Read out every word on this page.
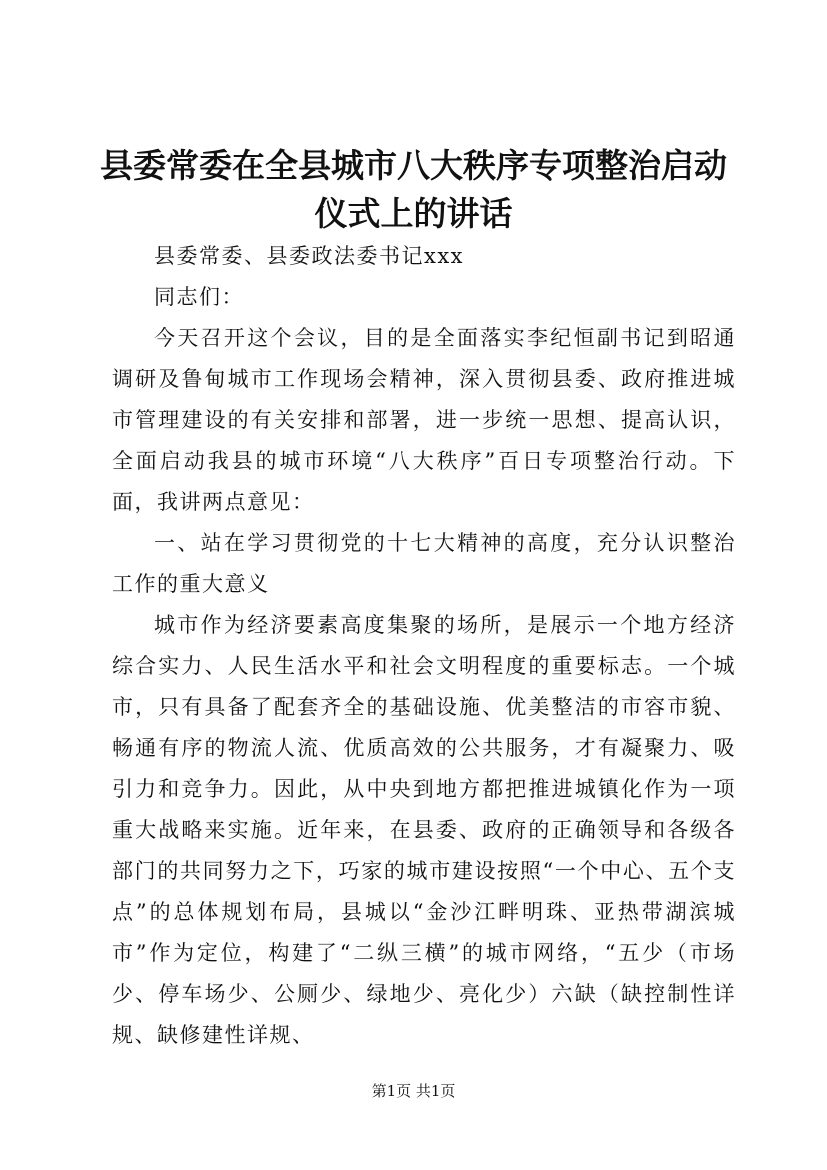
县委常委在全县城市八大秩序专项整治启动仪式上的讲话

县委常委、县委政法委书记xxx

同志们：

今天召开这个会议，目的是全面落实李纪恒副书记到昭通调研及鲁甸城市工作现场会精神，深入贯彻县委、政府推进城市管理建设的有关安排和部署，进一步统一思想、提高认识，全面启动我县的城市环境“八大秩序”百日专项整治行动。下面，我讲两点意见：

一、站在学习贯彻党的十七大精神的高度，充分认识整治工作的重大意义

城市作为经济要素高度集聚的场所，是展示一个地方经济综合实力、人民生活水平和社会文明程度的重要标志。一个城市，只有具备了配套齐全的基础设施、优美整洁的市容市貌、畅通有序的物流人流、优质高效的公共服务，才有凝聚力、吸引力和竞争力。因此，从中央到地方都把推进城镇化作为一项重大战略来实施。近年来，在县委、政府的正确领导和各级各部门的共同努力之下，巧家的城市建设按照“一个中心、五个支点”的总体规划布局，县城以“金沙江畔明珠、亚热带湖滨城市”作为定位，构建了“二纵三横”的城市网络，“五少（市场少、停车场少、公厕少、绿地少、亮化少）六缺（缺控制性详规、缺修建性详规、

第1页 共1页
